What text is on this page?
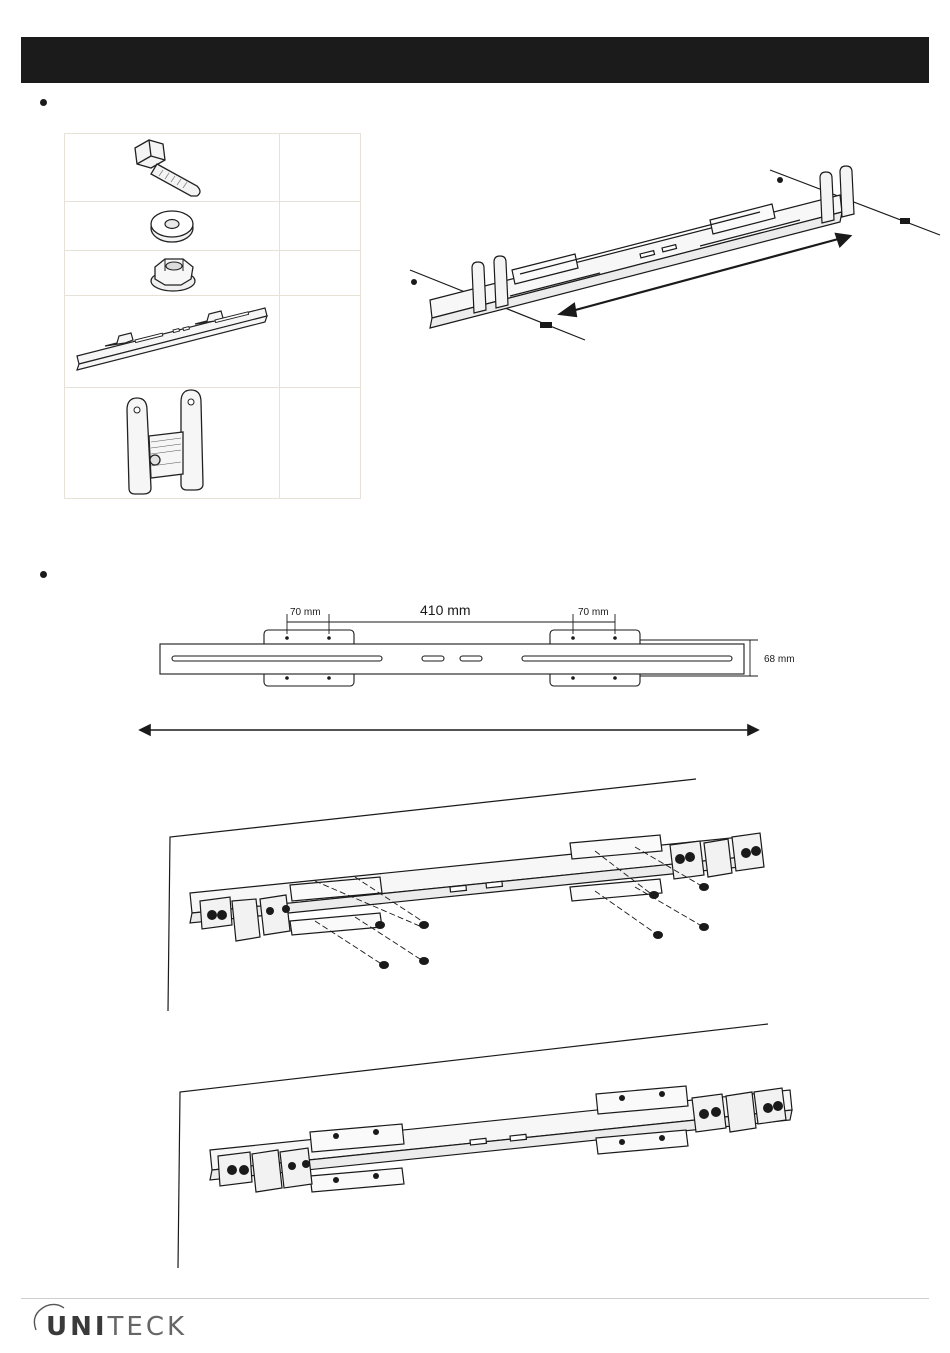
70 mm	410 mm	70 mm
68 mm
UNITECK
